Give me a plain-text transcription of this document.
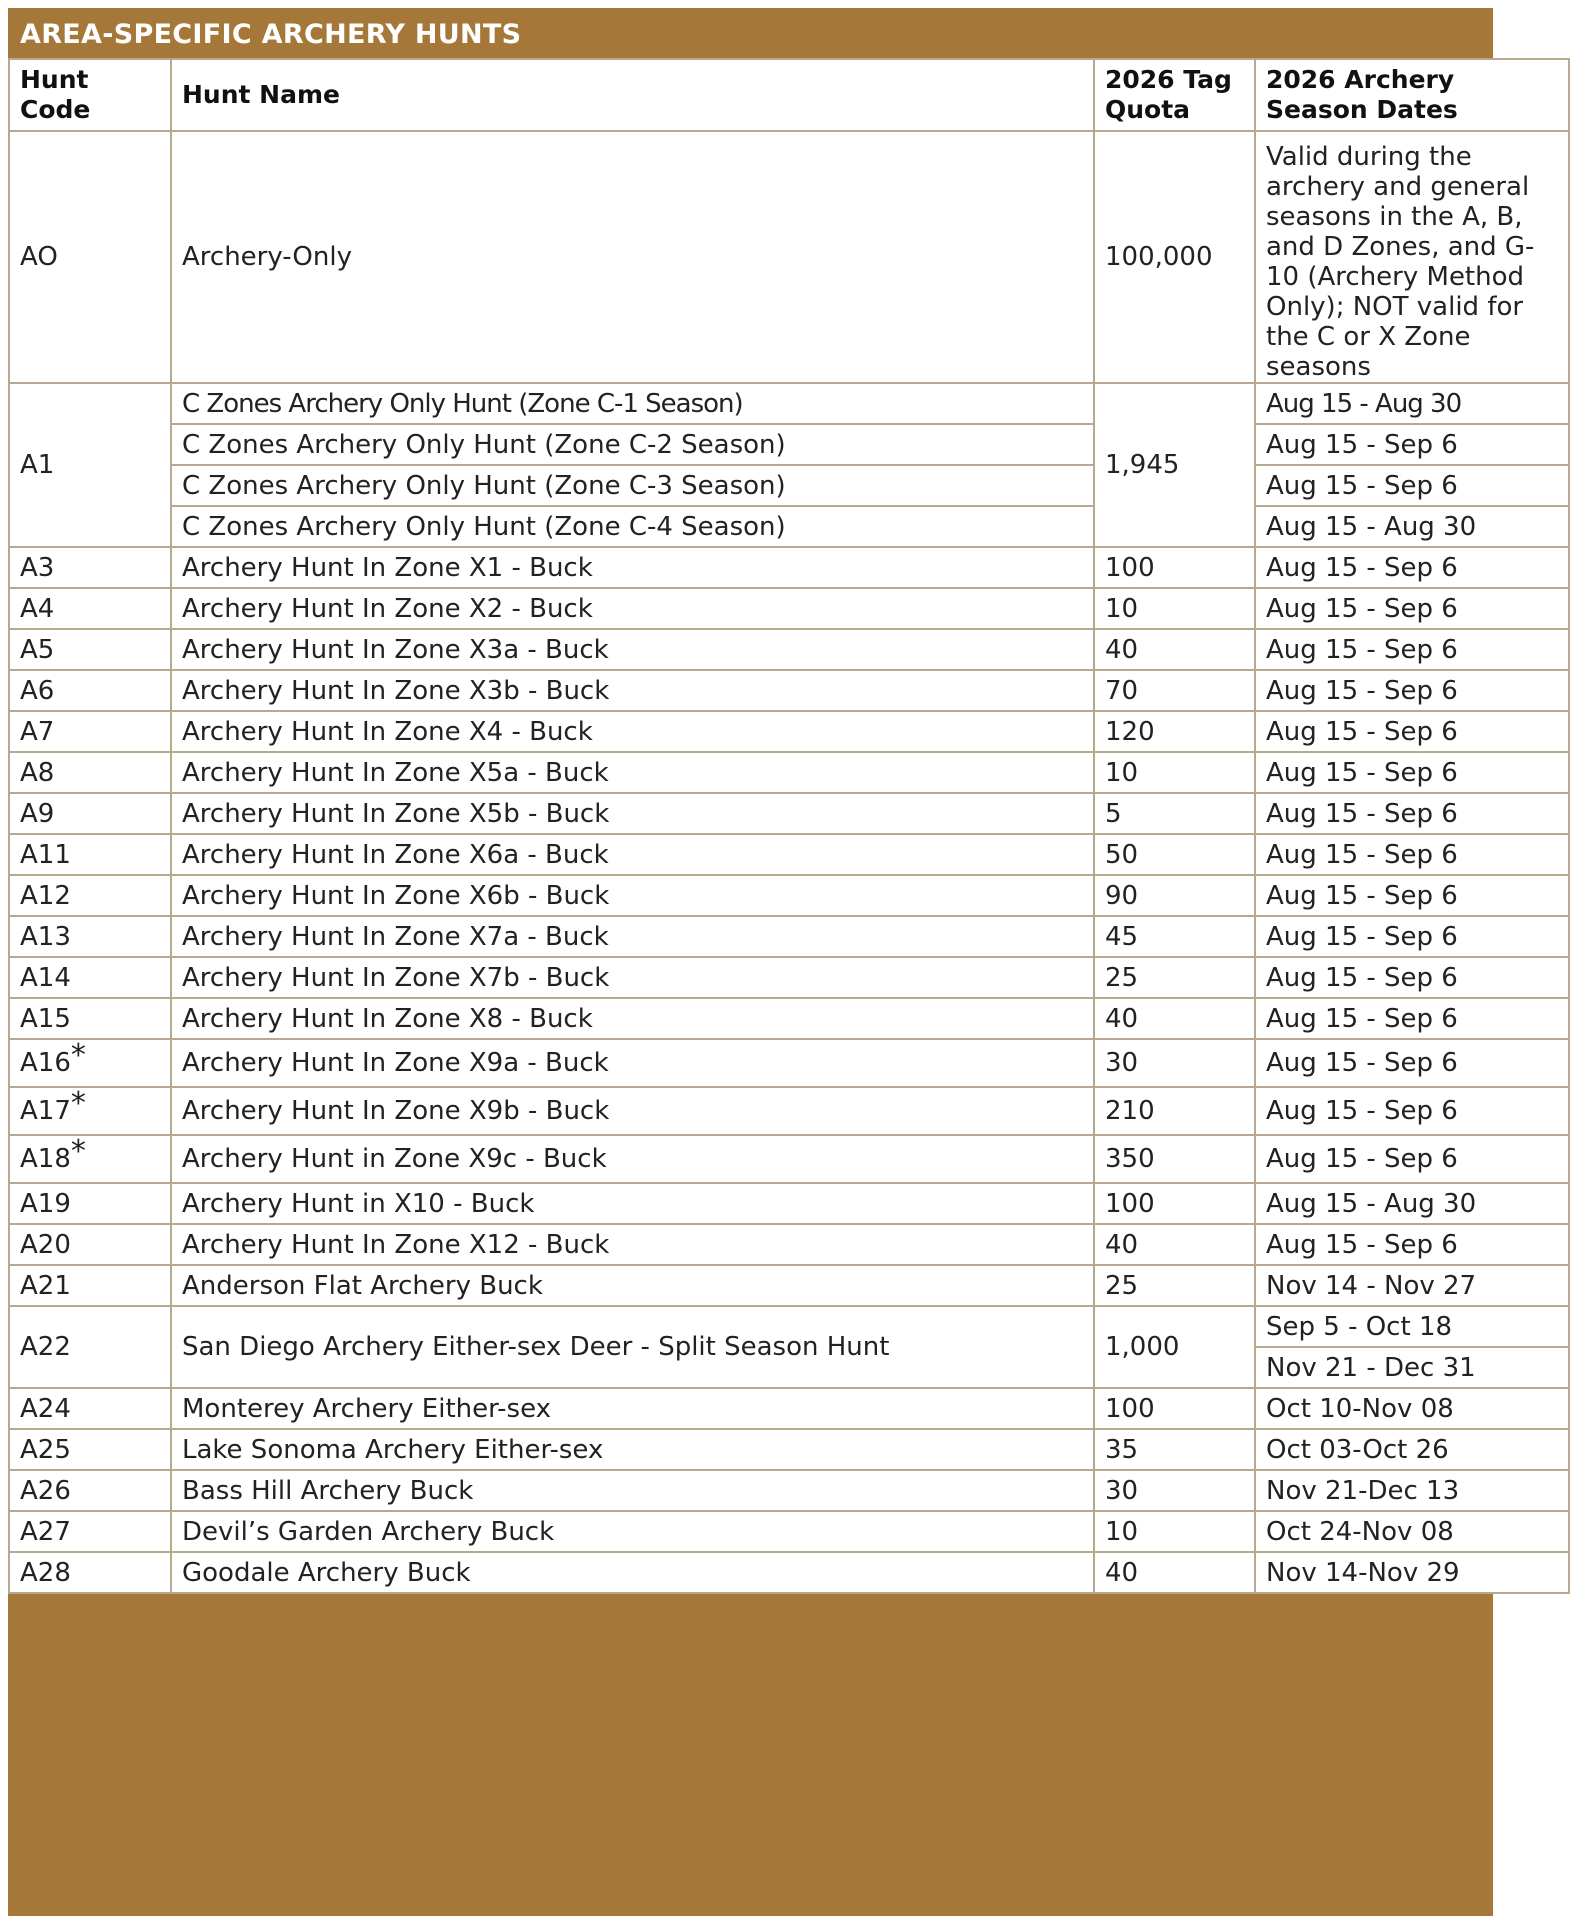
AREA-SPECIFIC ARCHERY HUNTS
Hunt Code	Hunt Name	2026 Tag Quota	2026 Archery Season Dates
AO	Archery-Only	100,000	Valid during the archery and general seasons in the A, B, and D Zones, and G-10 (Archery Method Only); NOT valid for the C or X Zone seasons
A1	C Zones Archery Only Hunt (Zone C-1 Season)	1,945	Aug 15 - Aug 30
	C Zones Archery Only Hunt (Zone C-2 Season)		Aug 15 - Sep 6
	C Zones Archery Only Hunt (Zone C-3 Season)		Aug 15 - Sep 6
	C Zones Archery Only Hunt (Zone C-4 Season)		Aug 15 - Aug 30
A3	Archery Hunt In Zone X1 - Buck	100	Aug 15 - Sep 6
A4	Archery Hunt In Zone X2 - Buck	10	Aug 15 - Sep 6
A5	Archery Hunt In Zone X3a - Buck	40	Aug 15 - Sep 6
A6	Archery Hunt In Zone X3b - Buck	70	Aug 15 - Sep 6
A7	Archery Hunt In Zone X4 - Buck	120	Aug 15 - Sep 6
A8	Archery Hunt In Zone X5a - Buck	10	Aug 15 - Sep 6
A9	Archery Hunt In Zone X5b - Buck	5	Aug 15 - Sep 6
A11	Archery Hunt In Zone X6a - Buck	50	Aug 15 - Sep 6
A12	Archery Hunt In Zone X6b - Buck	90	Aug 15 - Sep 6
A13	Archery Hunt In Zone X7a - Buck	45	Aug 15 - Sep 6
A14	Archery Hunt In Zone X7b - Buck	25	Aug 15 - Sep 6
A15	Archery Hunt In Zone X8 - Buck	40	Aug 15 - Sep 6
A16*	Archery Hunt In Zone X9a - Buck	30	Aug 15 - Sep 6
A17*	Archery Hunt In Zone X9b - Buck	210	Aug 15 - Sep 6
A18*	Archery Hunt in Zone X9c - Buck	350	Aug 15 - Sep 6
A19	Archery Hunt in X10 - Buck	100	Aug 15 - Aug 30
A20	Archery Hunt In Zone X12 - Buck	40	Aug 15 - Sep 6
A21	Anderson Flat Archery Buck	25	Nov 14 - Nov 27
A22	San Diego Archery Either-sex Deer - Split Season Hunt	1,000	Sep 5 - Oct 18
			Nov 21 - Dec 31
A24	Monterey Archery Either-sex	100	Oct 10-Nov 08
A25	Lake Sonoma Archery Either-sex	35	Oct 03-Oct 26
A26	Bass Hill Archery Buck	30	Nov 21-Dec 13
A27	Devil’s Garden Archery Buck	10	Oct 24-Nov 08
A28	Goodale Archery Buck	40	Nov 14-Nov 29
